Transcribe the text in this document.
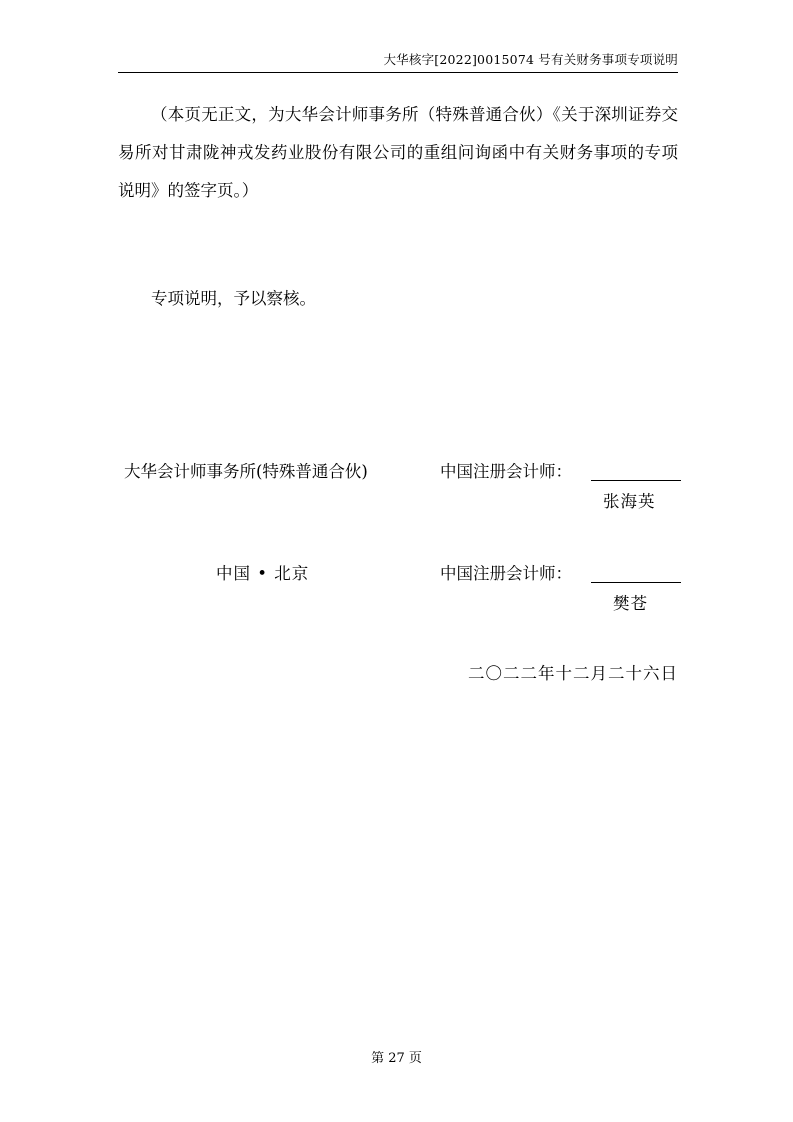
大华核字[2022]0015074 号有关财务事项专项说明

（本页无正文，为大华会计师事务所（特殊普通合伙）《关于深圳证券交易所对甘肃陇神戎发药业股份有限公司的重组问询函中有关财务事项的专项说明》的签字页。）

专项说明，予以察核。

大华会计师事务所(特殊普通合伙)	中国注册会计师：
张海英
中国 • 北京	中国注册会计师：
樊苍
二〇二二年十二月二十六日
第 27 页
